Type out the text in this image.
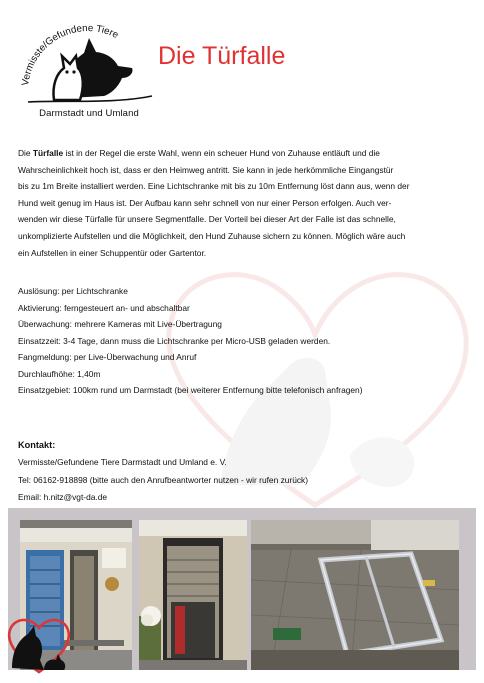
Vermisste/Gefundene Tiere
Darmstadt und Umland
Die Türfalle
Die Türfalle ist in der Regel die erste Wahl, wenn ein scheuer Hund von Zuhause entläuft und die
Wahrscheinlichkeit hoch ist, dass er den Heimweg antritt. Sie kann in jede herkömmliche Eingangstür
bis zu 1m Breite installiert werden. Eine Lichtschranke mit bis zu 10m Entfernung löst dann aus, wenn der
Hund weit genug im Haus ist. Der Aufbau kann sehr schnell von nur einer Person erfolgen. Auch ver-
wenden wir diese Türfalle für unsere Segmentfalle. Der Vorteil bei dieser Art der Falle ist das schnelle,
unkomplizierte Aufstellen und die Möglichkeit, den Hund Zuhause sichern zu können. Möglich wäre auch
ein Aufstellen in einer Schuppentür oder Gartentor.
Auslösung: per Lichtschranke
Aktivierung: ferngesteuert an- und abschaltbar
Überwachung: mehrere Kameras mit Live-Übertragung
Einsatzzeit: 3-4 Tage, dann muss die Lichtschranke per Micro-USB geladen werden.
Fangmeldung: per Live-Überwachung und Anruf
Durchlaufhöhe: 1,40m
Einsatzgebiet: 100km rund um Darmstadt (bei weiterer Entfernung bitte telefonisch anfragen)
Kontakt:
Vermisste/Gefundene Tiere Darmstadt und Umland e. V.
Tel: 06162-918898 (bitte auch den Anrufbeantworter nutzen - wir rufen zurück)
Email: h.nitz@vgt-da.de
